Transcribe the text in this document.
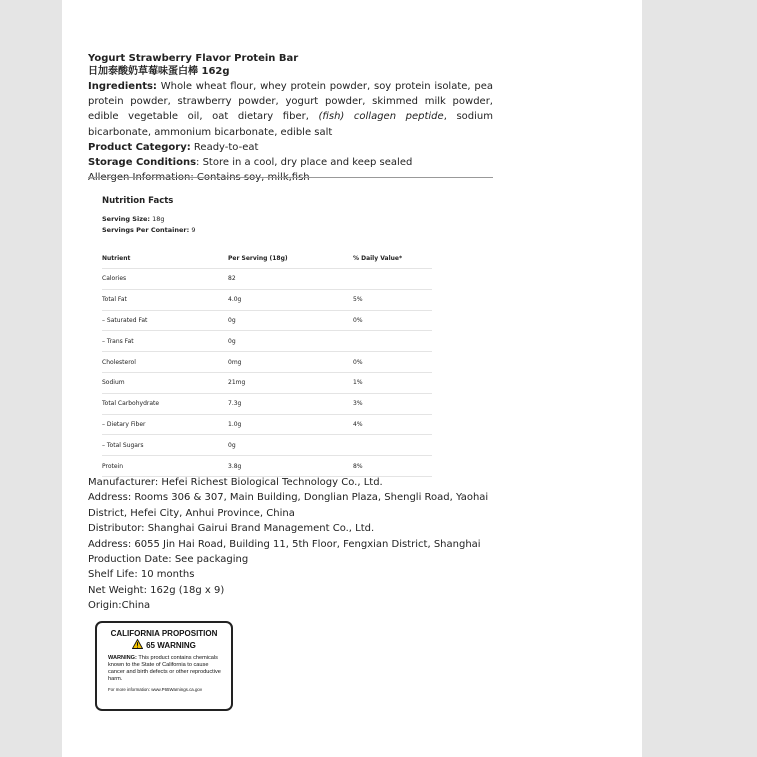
Yogurt Strawberry Flavor Protein Bar

日加泰酸奶草莓味蛋白棒 162g

Ingredients: Whole wheat flour, whey protein powder, soy protein isolate, pea protein powder, strawberry powder, yogurt powder, skimmed milk powder, edible vegetable oil, oat dietary fiber, (fish) collagen peptide, sodium bicarbonate, ammonium bicarbonate, edible salt

Product Category: Ready-to-eat

Storage Conditions: Store in a cool, dry place and keep sealed

Allergen Information: Contains soy, milk,fish

Nutrition Facts

Serving Size: 18g

Servings Per Container: 9

Nutrient	Per Serving (18g)	% Daily Value*
Calories	82	
Total Fat	4.0g	5%
– Saturated Fat	0g	0%
– Trans Fat	0g	
Cholesterol	0mg	0%
Sodium	21mg	1%
Total Carbohydrate	7.3g	3%
– Dietary Fiber	1.0g	4%
– Total Sugars	0g	
Protein	3.8g	8%

Manufacturer: Hefei Richest Biological Technology Co., Ltd.

Address: Rooms 306 & 307, Main Building, Donglian Plaza, Shengli Road, Yaohai District, Hefei City, Anhui Province, China

Distributor: Shanghai Gairui Brand Management Co., Ltd.

Address: 6055 Jin Hai Road, Building 11, 5th Floor, Fengxian District, Shanghai

Production Date: See packaging

Shelf Life: 10 months

Net Weight: 162g (18g x 9)

Origin:China

CALIFORNIA PROPOSITION

65 WARNING

WARNING: This product contains chemicals known to the State of California to cause cancer and birth defects or other reproductive harm.

For more information: www.P65Warnings.ca.gov
